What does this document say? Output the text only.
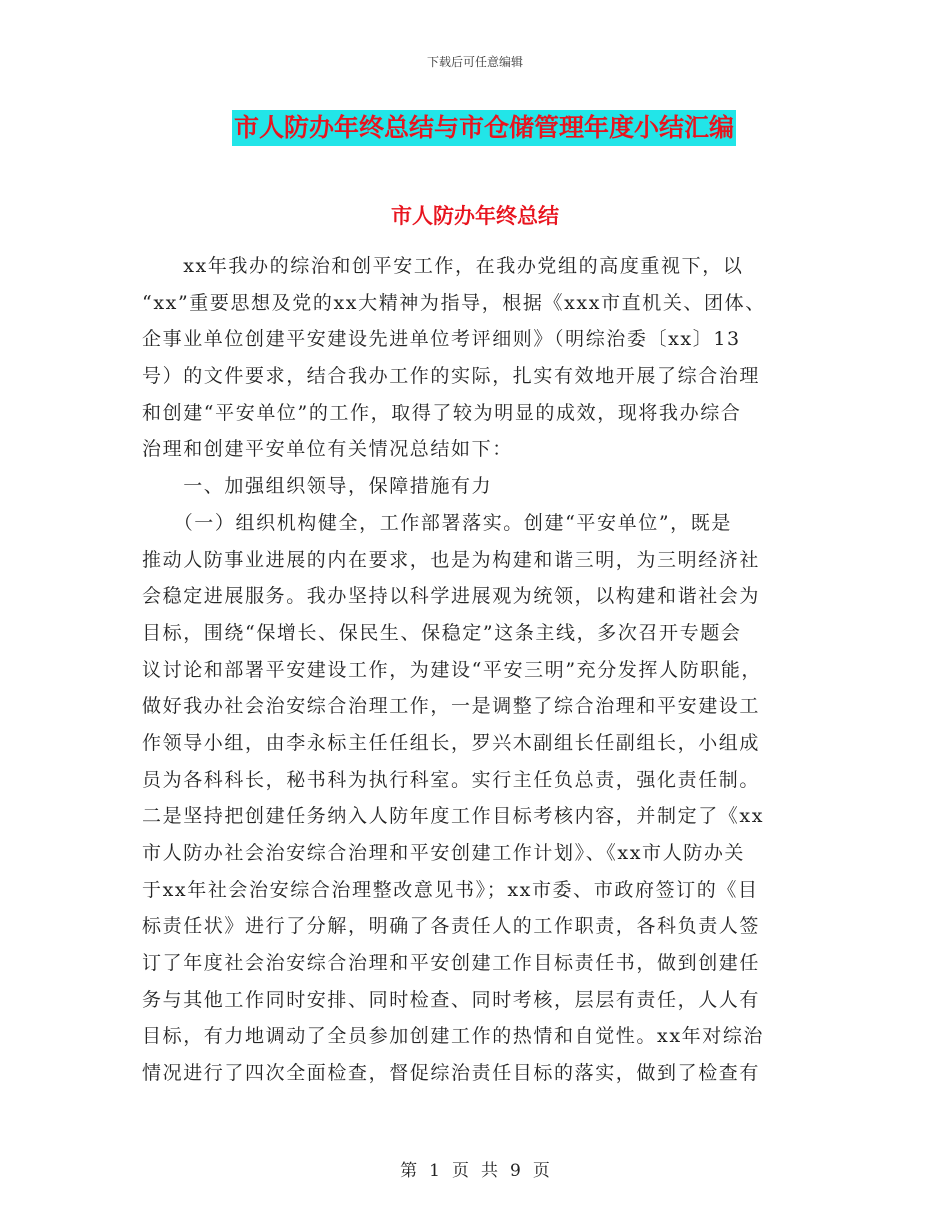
下载后可任意编辑
市人防办年终总结与市仓储管理年度小结汇编
市人防办年终总结
　　xx年我办的综治和创平安工作，在我办党组的高度重视下，以
“xx”重要思想及党的xx大精神为指导，根据《xxx市直机关、团体、
企事业单位创建平安建设先进单位考评细则》（明综治委〔xx〕13
号）的文件要求，结合我办工作的实际，扎实有效地开展了综合治理
和创建“平安单位”的工作，取得了较为明显的成效，现将我办综合
治理和创建平安单位有关情况总结如下：
　　一、加强组织领导，保障措施有力
　　（一）组织机构健全，工作部署落实。创建“平安单位”，既是
推动人防事业进展的内在要求，也是为构建和谐三明，为三明经济社
会稳定进展服务。我办坚持以科学进展观为统领，以构建和谐社会为
目标，围绕“保增长、保民生、保稳定”这条主线，多次召开专题会
议讨论和部署平安建设工作，为建设“平安三明”充分发挥人防职能，
做好我办社会治安综合治理工作，一是调整了综合治理和平安建设工
作领导小组，由李永标主任任组长，罗兴木副组长任副组长，小组成
员为各科科长，秘书科为执行科室。实行主任负总责，强化责任制。
二是坚持把创建任务纳入人防年度工作目标考核内容，并制定了《xx
市人防办社会治安综合治理和平安创建工作计划》、《xx市人防办关
于xx年社会治安综合治理整改意见书》；xx市委、市政府签订的《目
标责任状》进行了分解，明确了各责任人的工作职责，各科负责人签
订了年度社会治安综合治理和平安创建工作目标责任书，做到创建任
务与其他工作同时安排、同时检查、同时考核，层层有责任，人人有
目标，有力地调动了全员参加创建工作的热情和自觉性。xx年对综治
情况进行了四次全面检查，督促综治责任目标的落实，做到了检查有
第 1 页 共 9 页
